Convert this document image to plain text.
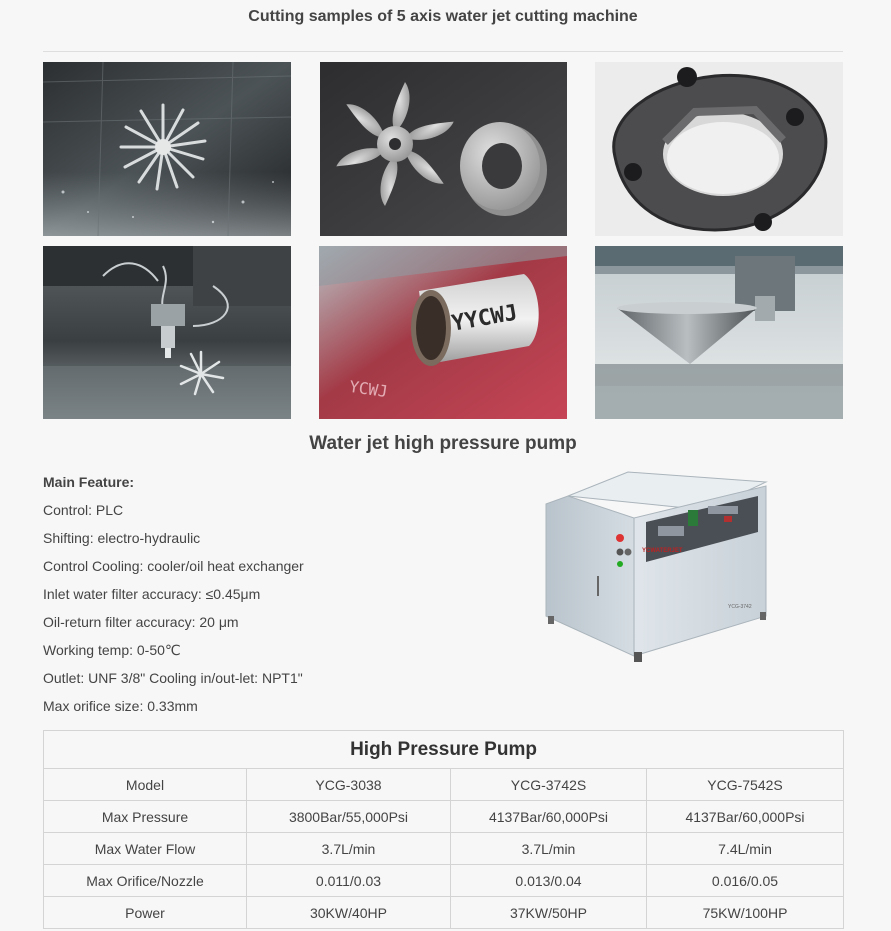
Cutting samples of 5 axis water jet cutting machine
YYCWJ
YCWJ
Water jet high pressure pump
Main Feature:
Control: PLC
Shifting: electro-hydraulic
Control Cooling: cooler/oil heat exchanger
Inlet water filter accuracy: ≤0.45μm
Oil-return filter accuracy: 20 μm
Working temp: 0-50℃
Outlet: UNF 3/8" Cooling in/out-let: NPT1"
Max orifice size: 0.33mm
YCWATERJET
YCG-3742
High Pressure Pump			
Model	YCG-3038	YCG-3742S	YCG-7542S
Max Pressure	3800Bar/55,000Psi	4137Bar/60,000Psi	4137Bar/60,000Psi
Max Water Flow	3.7L/min	3.7L/min	7.4L/min
Max Orifice/Nozzle	0.011/0.03	0.013/0.04	0.016/0.05
Power	30KW/40HP	37KW/50HP	75KW/100HP
